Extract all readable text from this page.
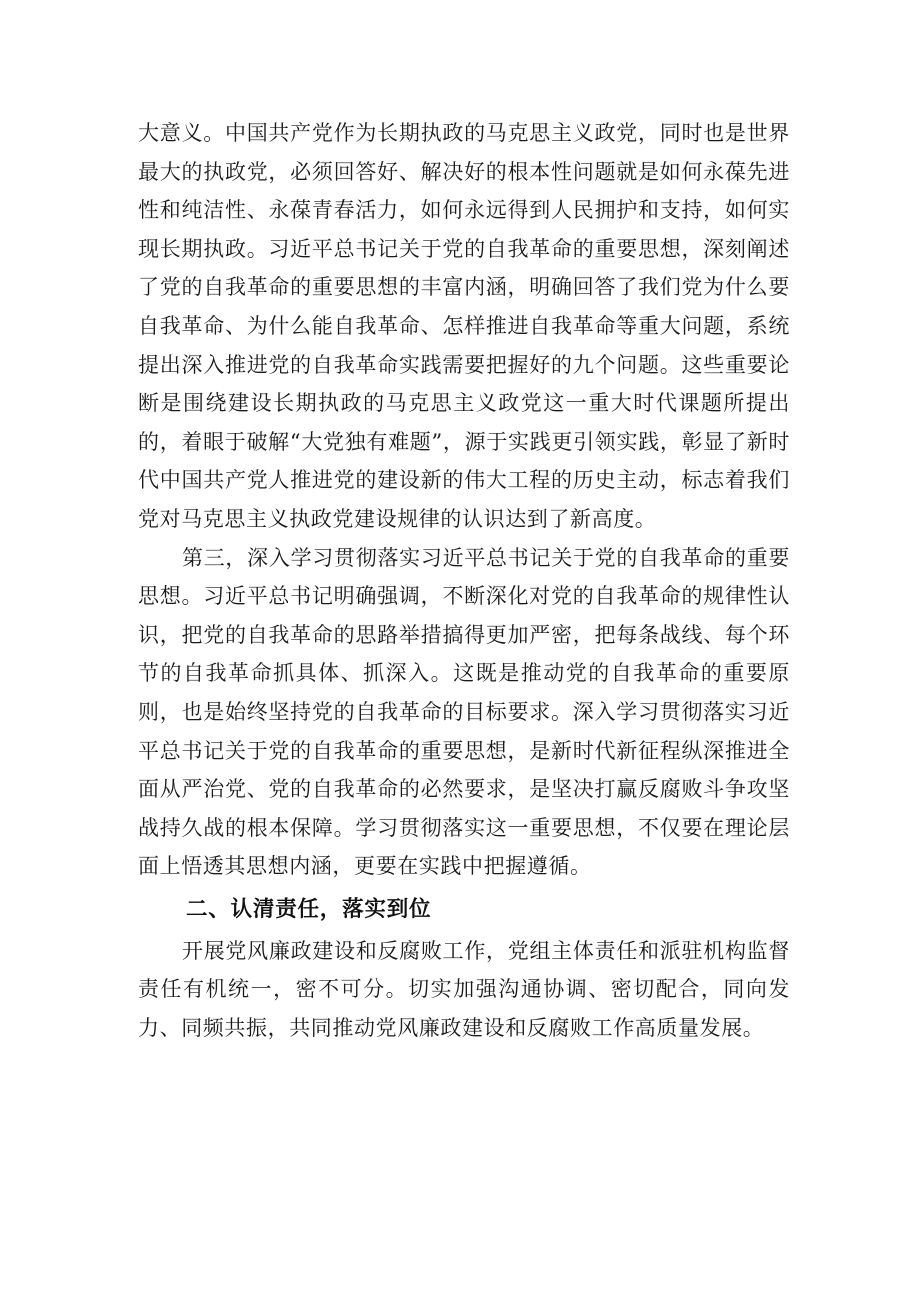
大意义。中国共产党作为长期执政的马克思主义政党，同时也是世界最大的执政党，必须回答好、解决好的根本性问题就是如何永葆先进性和纯洁性、永葆青春活力，如何永远得到人民拥护和支持，如何实现长期执政。习近平总书记关于党的自我革命的重要思想，深刻阐述了党的自我革命的重要思想的丰富内涵，明确回答了我们党为什么要自我革命、为什么能自我革命、怎样推进自我革命等重大问题，系统提出深入推进党的自我革命实践需要把握好的九个问题。这些重要论断是围绕建设长期执政的马克思主义政党这一重大时代课题所提出的，着眼于破解“大党独有难题”，源于实践更引领实践，彰显了新时代中国共产党人推进党的建设新的伟大工程的历史主动，标志着我们党对马克思主义执政党建设规律的认识达到了新高度。

第三，深入学习贯彻落实习近平总书记关于党的自我革命的重要思想。习近平总书记明确强调，不断深化对党的自我革命的规律性认识，把党的自我革命的思路举措搞得更加严密，把每条战线、每个环节的自我革命抓具体、抓深入。这既是推动党的自我革命的重要原则，也是始终坚持党的自我革命的目标要求。深入学习贯彻落实习近平总书记关于党的自我革命的重要思想，是新时代新征程纵深推进全面从严治党、党的自我革命的必然要求，是坚决打赢反腐败斗争攻坚战持久战的根本保障。学习贯彻落实这一重要思想，不仅要在理论层面上悟透其思想内涵，更要在实践中把握遵循。

二、认清责任，落实到位

开展党风廉政建设和反腐败工作，党组主体责任和派驻机构监督责任有机统一，密不可分。切实加强沟通协调、密切配合，同向发力、同频共振，共同推动党风廉政建设和反腐败工作高质量发展。
